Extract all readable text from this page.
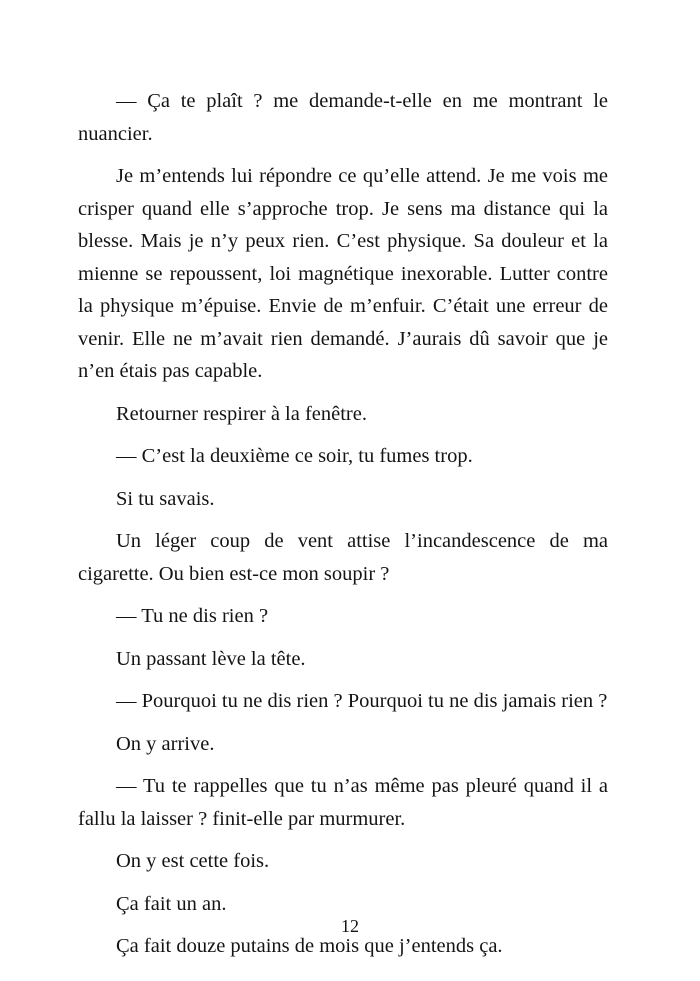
— Ça te plaît ? me demande-t-elle en me montrant le nuancier.

Je m’entends lui répondre ce qu’elle attend. Je me vois me crisper quand elle s’approche trop. Je sens ma distance qui la blesse. Mais je n’y peux rien. C’est physique. Sa douleur et la mienne se repoussent, loi magnétique inexorable. Lutter contre la physique m’épuise. Envie de m’enfuir. C’était une erreur de venir. Elle ne m’avait rien demandé. J’aurais dû savoir que je n’en étais pas capable.

Retourner respirer à la fenêtre.

— C’est la deuxième ce soir, tu fumes trop.

Si tu savais.

Un léger coup de vent attise l’incandescence de ma cigarette. Ou bien est-ce mon soupir ?

— Tu ne dis rien ?

Un passant lève la tête.

— Pourquoi tu ne dis rien ? Pourquoi tu ne dis jamais rien ?

On y arrive.

— Tu te rappelles que tu n’as même pas pleuré quand il a fallu la laisser ? finit-elle par murmurer.

On y est cette fois.

Ça fait un an.

Ça fait douze putains de mois que j’entends ça.

12
